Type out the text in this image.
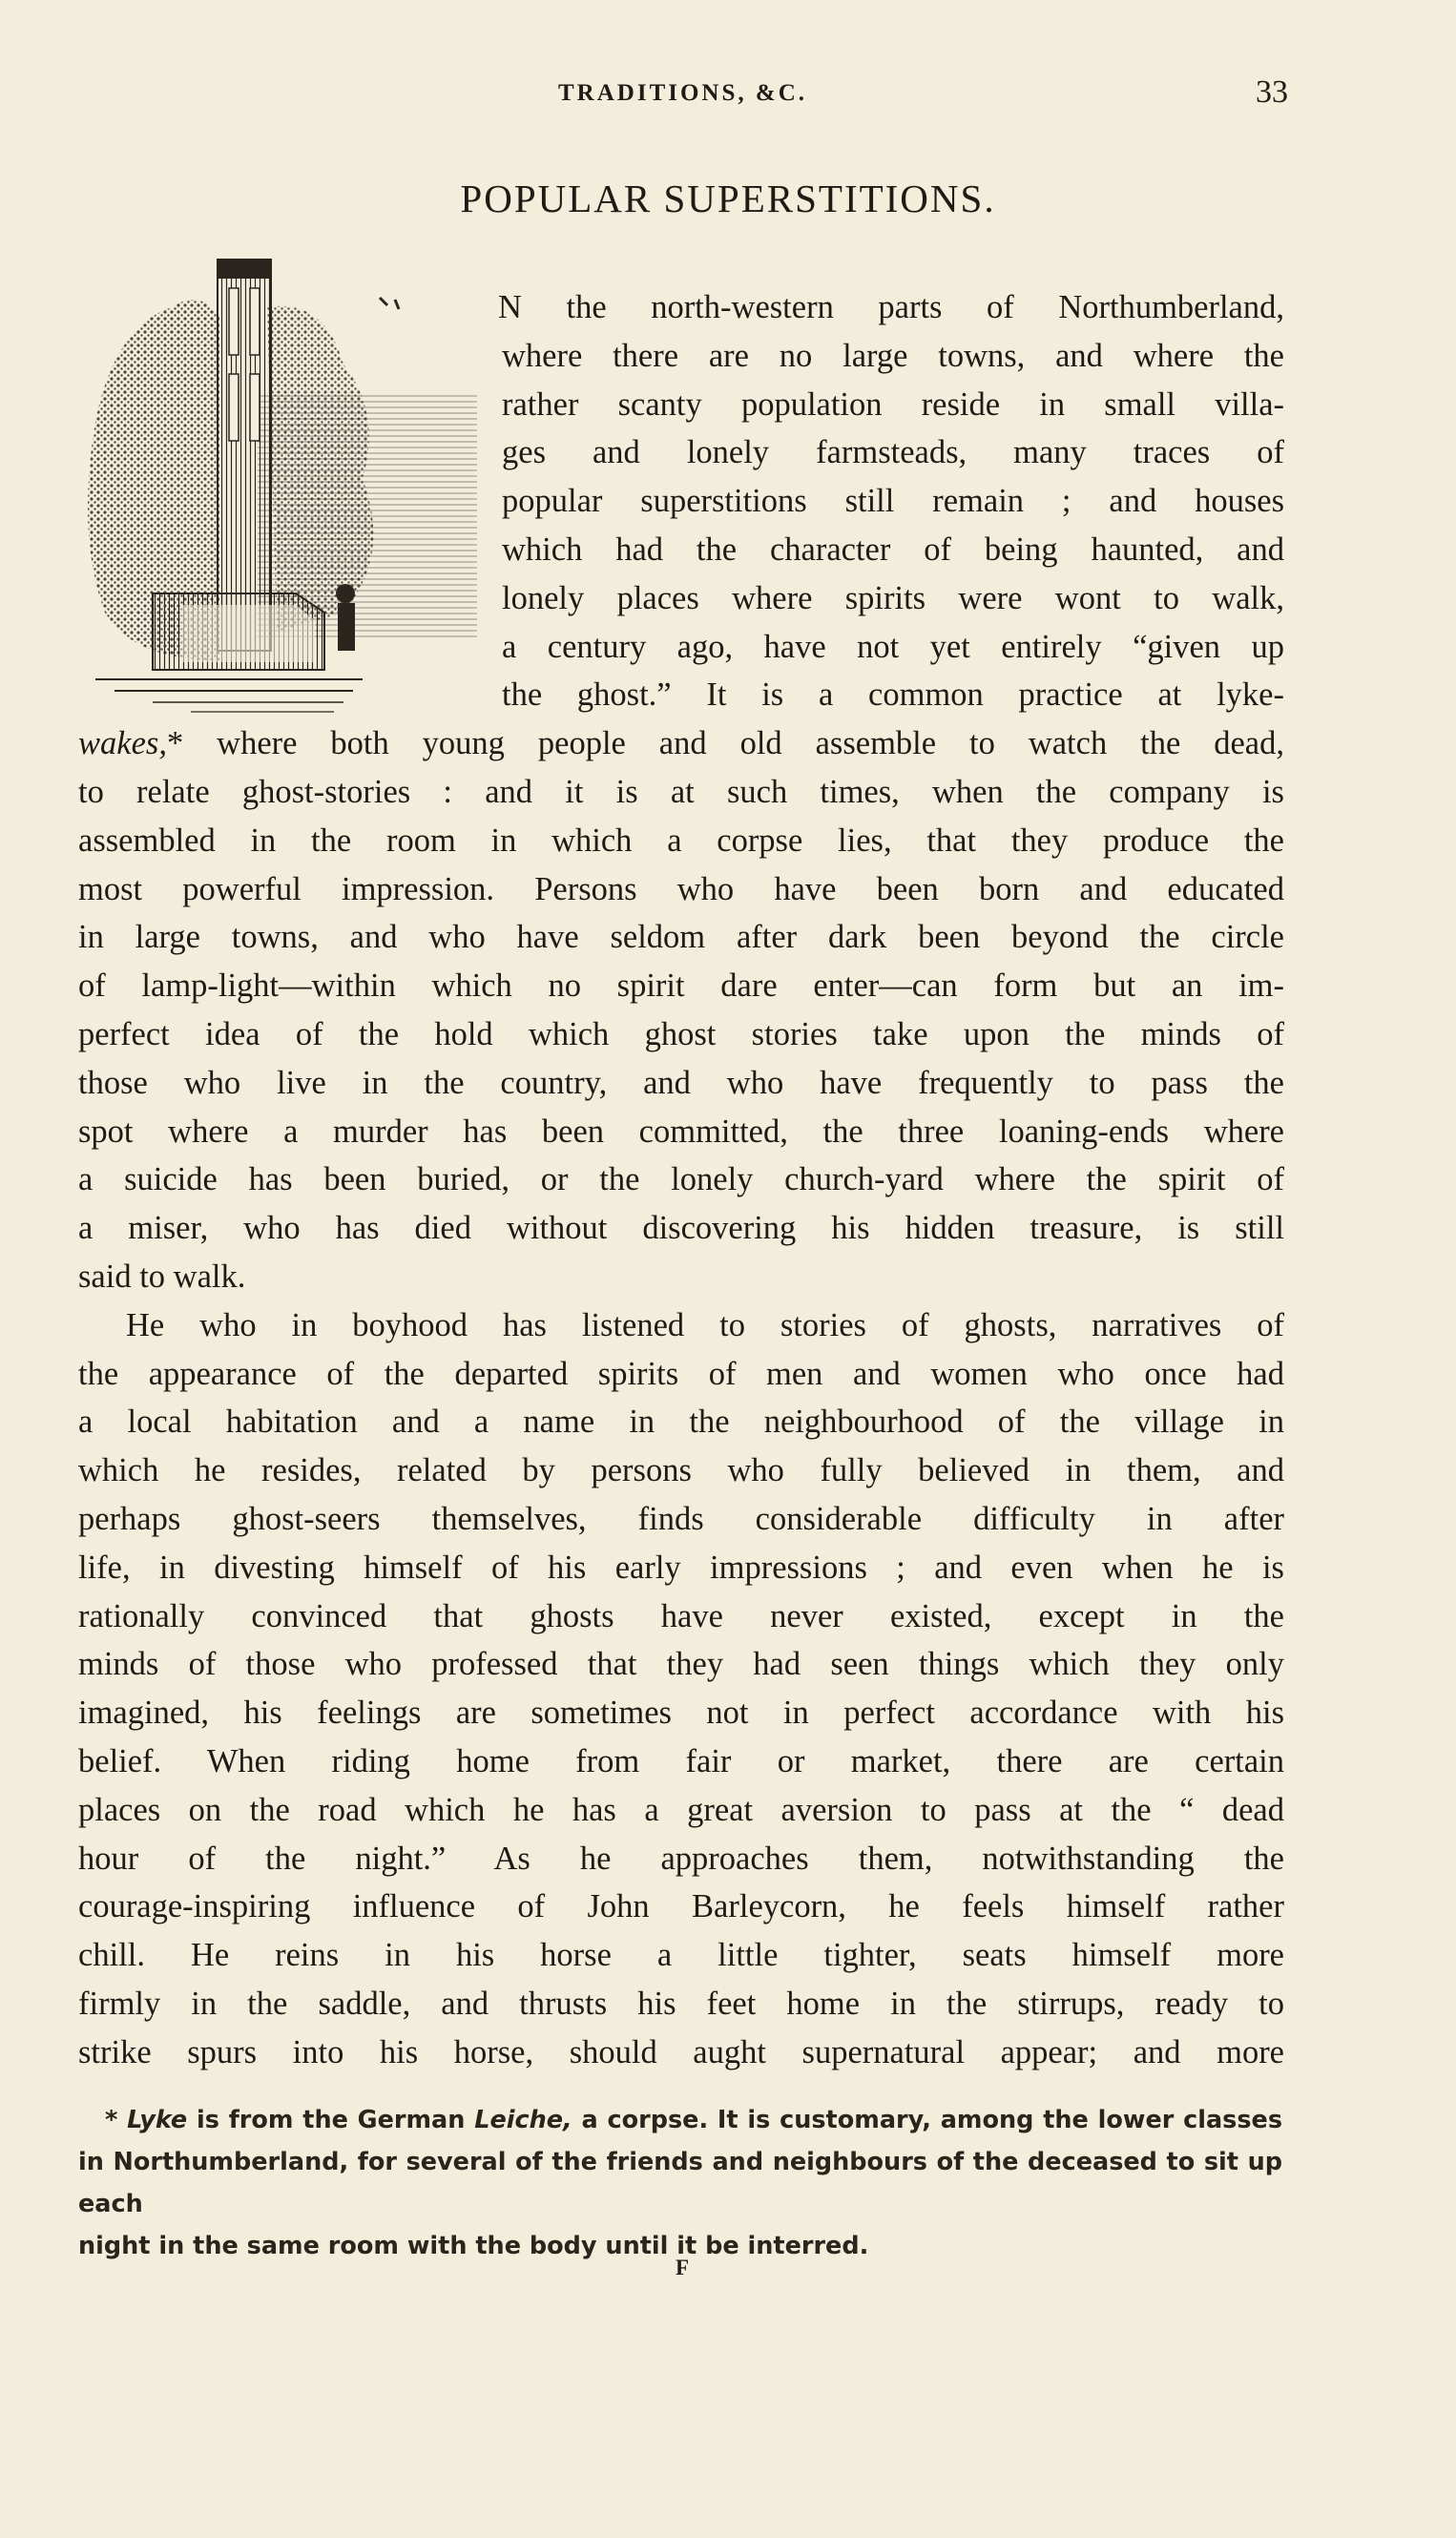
TRADITIONS, &C.	33
POPULAR SUPERSTITIONS.
N the north-western parts of Northumberland,
where there are no large towns, and where the
rather scanty population reside in small villa-
ges and lonely farmsteads, many traces of
popular superstitions still remain ; and houses
which had the character of being haunted, and
lonely places where spirits were wont to walk,
a century ago, have not yet entirely “given up
the ghost.” It is a common practice at lyke-
wakes,* where both young people and old assemble to watch the dead,
to relate ghost-stories : and it is at such times, when the company is
assembled in the room in which a corpse lies, that they produce the
most powerful impression. Persons who have been born and educated
in large towns, and who have seldom after dark been beyond the circle
of lamp-light—within which no spirit dare enter—can form but an im-
perfect idea of the hold which ghost stories take upon the minds of
those who live in the country, and who have frequently to pass the
spot where a murder has been committed, the three loaning-ends where
a suicide has been buried, or the lonely church-yard where the spirit of
a miser, who has died without discovering his hidden treasure, is still
said to walk.
He who in boyhood has listened to stories of ghosts, narratives of
the appearance of the departed spirits of men and women who once had
a local habitation and a name in the neighbourhood of the village in
which he resides, related by persons who fully believed in them, and
perhaps ghost-seers themselves, finds considerable difficulty in after
life, in divesting himself of his early impressions ; and even when he is
rationally convinced that ghosts have never existed, except in the
minds of those who professed that they had seen things which they only
imagined, his feelings are sometimes not in perfect accordance with his
belief. When riding home from fair or market, there are certain
places on the road which he has a great aversion to pass at the “ dead
hour of the night.” As he approaches them, notwithstanding the
courage-inspiring influence of John Barleycorn, he feels himself rather
chill. He reins in his horse a little tighter, seats himself more
firmly in the saddle, and thrusts his feet home in the stirrups, ready to
strike spurs into his horse, should aught supernatural appear; and more
* Lyke is from the German Leiche, a corpse. It is customary, among the lower classes
in Northumberland, for several of the friends and neighbours of the deceased to sit up each
night in the same room with the body until it be interred.
F
